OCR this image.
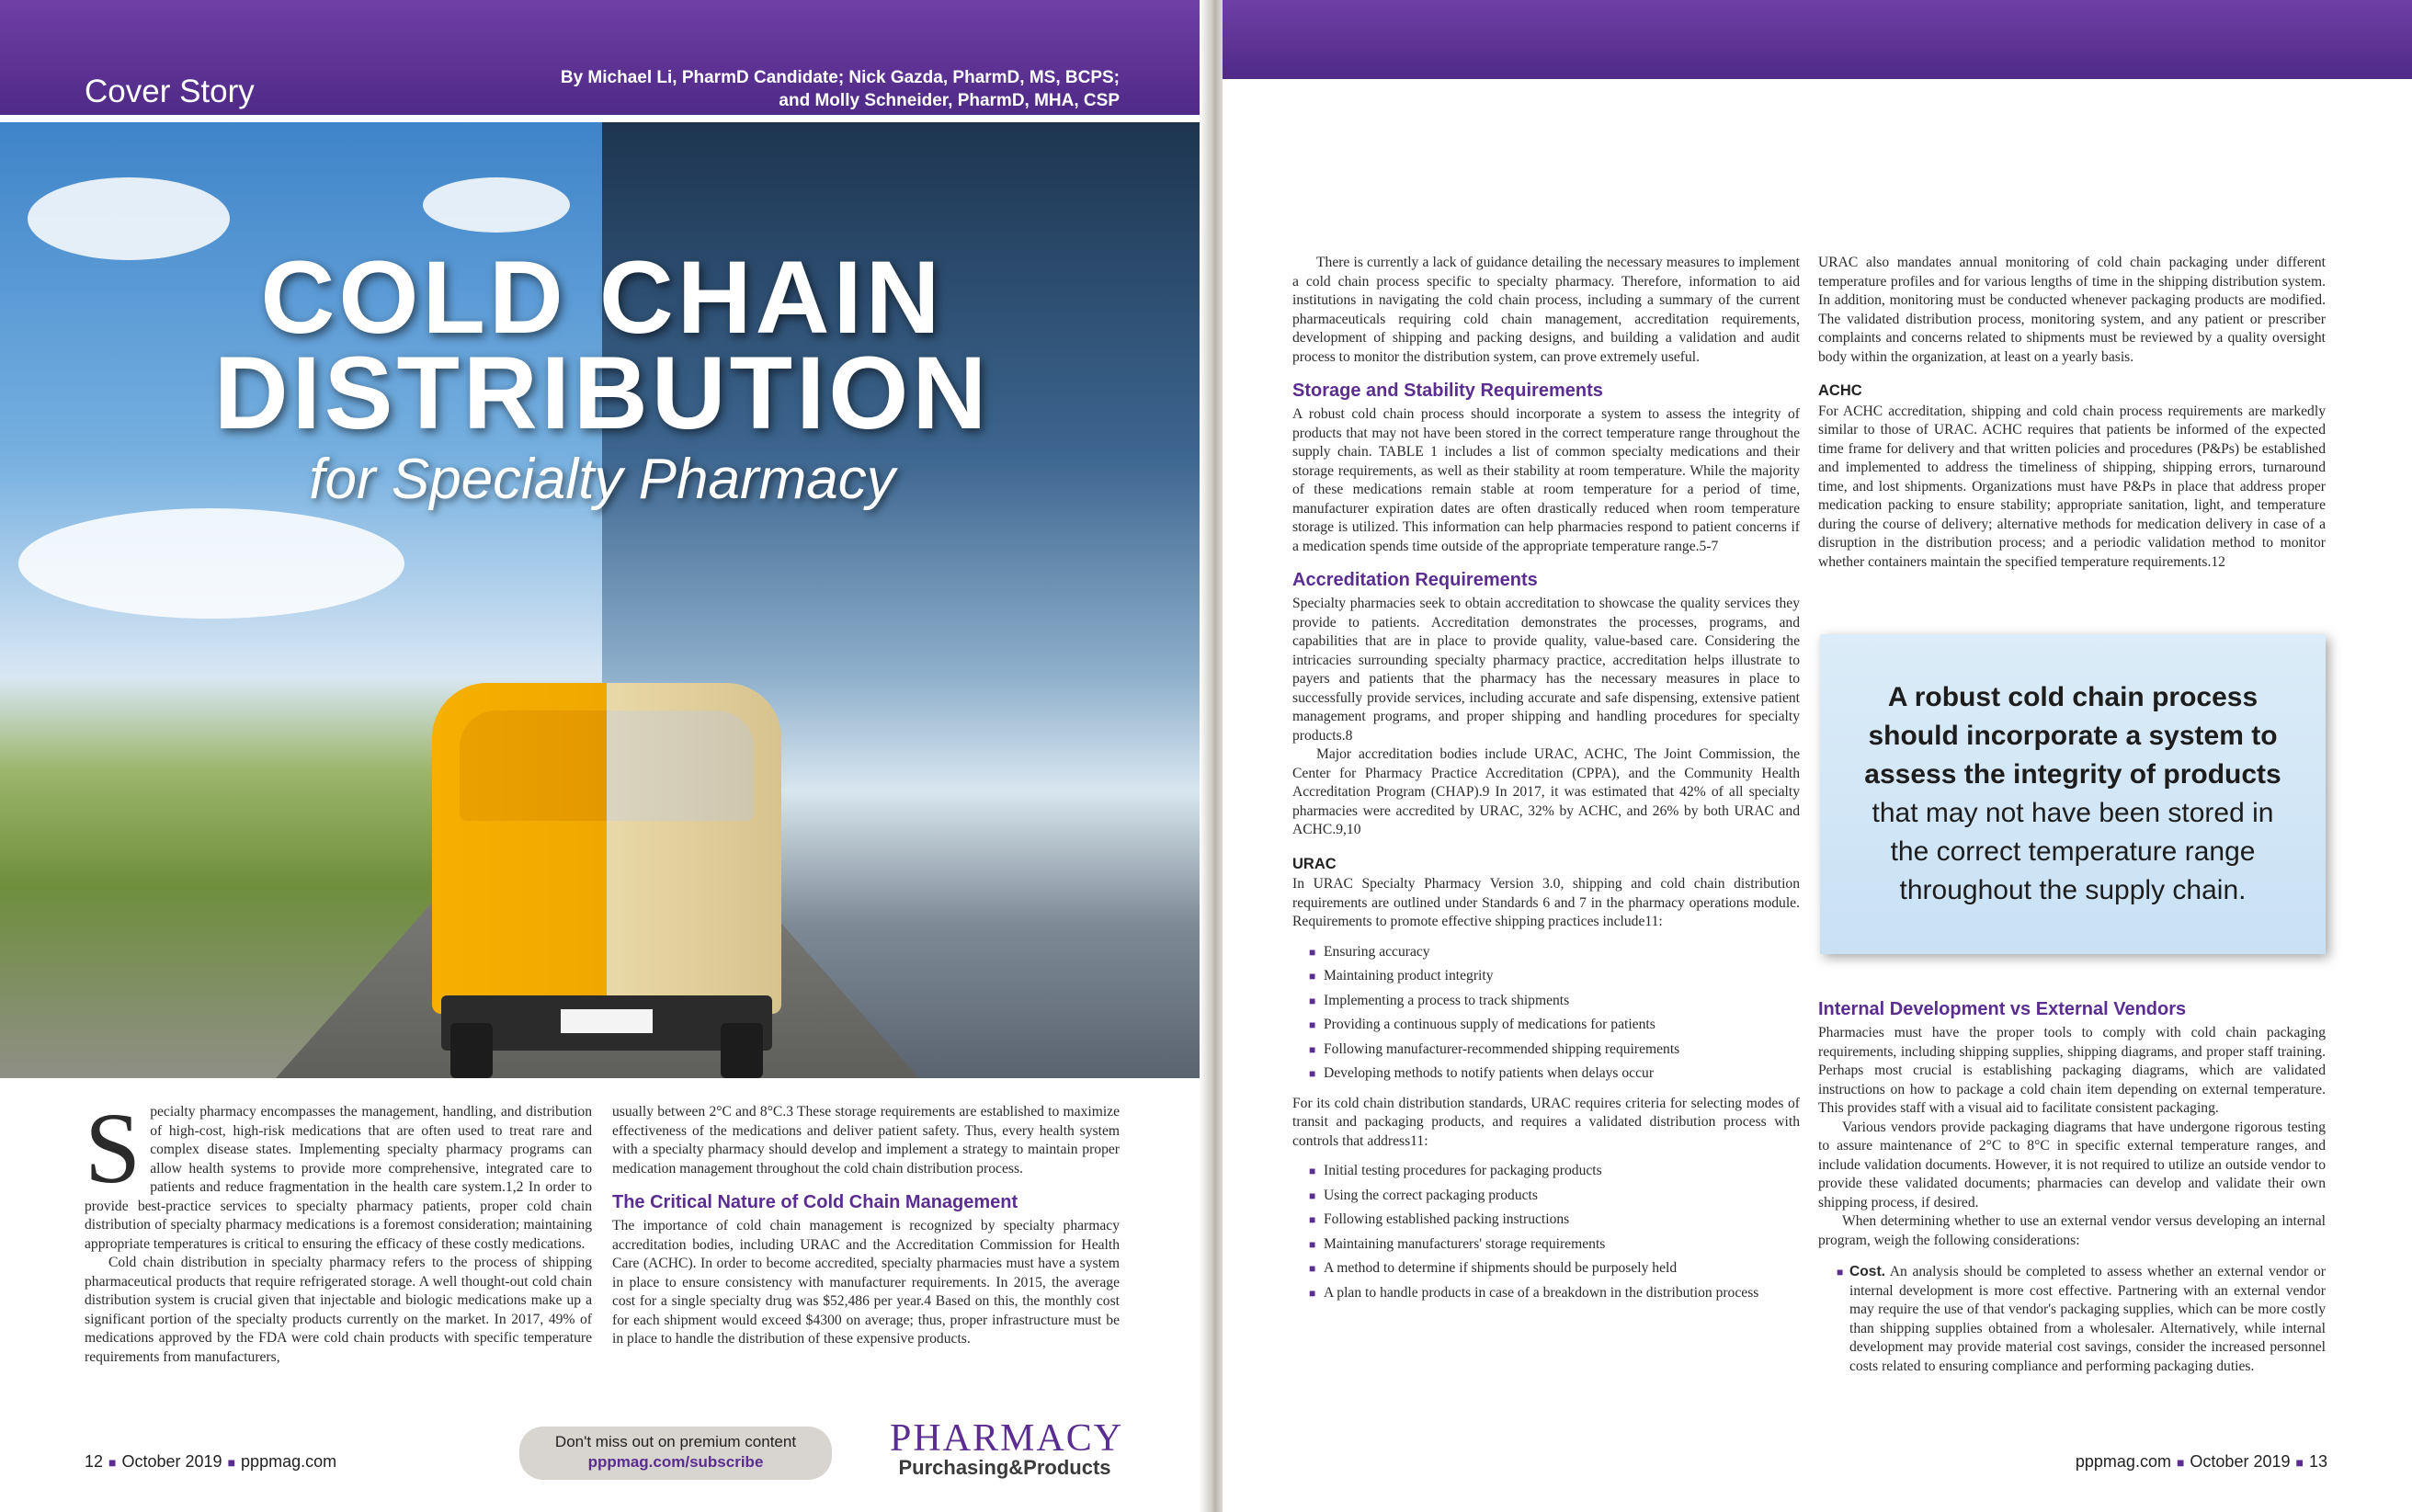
Cover Story	By Michael Li, PharmD Candidate; Nick Gazda, PharmD, MS, BCPS;
and Molly Schneider, PharmD, MHA, CSP
COLD CHAIN
DISTRIBUTION
for Specialty Pharmacy
S pecialty pharmacy encompasses the management, handling, and distribution of high-cost, high-risk medications that are often used to treat rare and complex disease states. Implementing specialty pharmacy programs can allow health systems to provide more comprehensive, integrated care to patients and reduce fragmentation in the health care system.1,2 In order to provide best-practice services to specialty pharmacy patients, proper cold chain distribution of specialty pharmacy medications is a foremost consideration; maintaining appropriate temperatures is critical to ensuring the efficacy of these costly medications.

Cold chain distribution in specialty pharmacy refers to the process of shipping pharmaceutical products that require refrigerated storage. A well thought-out cold chain distribution system is crucial given that injectable and biologic medications make up a significant portion of the specialty products currently on the market. In 2017, 49% of medications approved by the FDA were cold chain products with specific temperature requirements from manufacturers,

usually between 2°C and 8°C.3 These storage requirements are established to maximize effectiveness of the medications and deliver patient safety. Thus, every health system with a specialty pharmacy should develop and implement a strategy to maintain proper medication management throughout the cold chain distribution process.

The Critical Nature of Cold Chain Management

The importance of cold chain management is recognized by specialty pharmacy accreditation bodies, including URAC and the Accreditation Commission for Health Care (ACHC). In order to become accredited, specialty pharmacies must have a system in place to ensure consistency with manufacturer requirements. In 2015, the average cost for a single specialty drug was $52,486 per year.4 Based on this, the monthly cost for each shipment would exceed $4300 on average; thus, proper infrastructure must be in place to handle the distribution of these expensive products.

12 ■ October 2019 ■ pppmag.com
Don't miss out on premium content
pppmag.com/subscribe
PHARMACY
Purchasing&Products

There is currently a lack of guidance detailing the necessary measures to implement a cold chain process specific to specialty pharmacy. Therefore, information to aid institutions in navigating the cold chain process, including a summary of the current pharmaceuticals requiring cold chain management, accreditation requirements, development of shipping and packing designs, and building a validation and audit process to monitor the distribution system, can prove extremely useful.

Storage and Stability Requirements

A robust cold chain process should incorporate a system to assess the integrity of products that may not have been stored in the correct temperature range throughout the supply chain. TABLE 1 includes a list of common specialty medications and their storage requirements, as well as their stability at room temperature. While the majority of these medications remain stable at room temperature for a period of time, manufacturer expiration dates are often drastically reduced when room temperature storage is utilized. This information can help pharmacies respond to patient concerns if a medication spends time outside of the appropriate temperature range.5-7

Accreditation Requirements

Specialty pharmacies seek to obtain accreditation to showcase the quality services they provide to patients. Accreditation demonstrates the processes, programs, and capabilities that are in place to provide quality, value-based care. Considering the intricacies surrounding specialty pharmacy practice, accreditation helps illustrate to payers and patients that the pharmacy has the necessary measures in place to successfully provide services, including accurate and safe dispensing, extensive patient management programs, and proper shipping and handling procedures for specialty products.8

Major accreditation bodies include URAC, ACHC, The Joint Commission, the Center for Pharmacy Practice Accreditation (CPPA), and the Community Health Accreditation Program (CHAP).9 In 2017, it was estimated that 42% of all specialty pharmacies were accredited by URAC, 32% by ACHC, and 26% by both URAC and ACHC.9,10

URAC

In URAC Specialty Pharmacy Version 3.0, shipping and cold chain distribution requirements are outlined under Standards 6 and 7 in the pharmacy operations module. Requirements to promote effective shipping practices include11:

■ Ensuring accuracy
■ Maintaining product integrity
■ Implementing a process to track shipments
■ Providing a continuous supply of medications for patients
■ Following manufacturer-recommended shipping requirements
■ Developing methods to notify patients when delays occur

For its cold chain distribution standards, URAC requires criteria for selecting modes of transit and packaging products, and requires a validated distribution process with controls that address11:

■ Initial testing procedures for packaging products
■ Using the correct packaging products
■ Following established packing instructions
■ Maintaining manufacturers' storage requirements
■ A method to determine if shipments should be purposely held
■ A plan to handle products in case of a breakdown in the distribution process

URAC also mandates annual monitoring of cold chain packaging under different temperature profiles and for various lengths of time in the shipping distribution system. In addition, monitoring must be conducted whenever packaging products are modified. The validated distribution process, monitoring system, and any patient or prescriber complaints and concerns related to shipments must be reviewed by a quality oversight body within the organization, at least on a yearly basis.

ACHC

For ACHC accreditation, shipping and cold chain process requirements are markedly similar to those of URAC. ACHC requires that patients be informed of the expected time frame for delivery and that written policies and procedures (P&Ps) be established and implemented to address the timeliness of shipping, shipping errors, turnaround time, and lost shipments. Organizations must have P&Ps in place that address proper medication packing to ensure stability; appropriate sanitation, light, and temperature during the course of delivery; alternative methods for medication delivery in case of a disruption in the distribution process; and a periodic validation method to monitor whether containers maintain the specified temperature requirements.12

A robust cold chain process should incorporate a system to assess the integrity of products that may not have been stored in the correct temperature range throughout the supply chain.
Internal Development vs External Vendors

Pharmacies must have the proper tools to comply with cold chain packaging requirements, including shipping supplies, shipping diagrams, and proper staff training. Perhaps most crucial is establishing packaging diagrams, which are validated instructions on how to package a cold chain item depending on external temperature. This provides staff with a visual aid to facilitate consistent packaging.

Various vendors provide packaging diagrams that have undergone rigorous testing to assure maintenance of 2°C to 8°C in specific external temperature ranges, and include validation documents. However, it is not required to utilize an outside vendor to provide these validated documents; pharmacies can develop and validate their own shipping process, if desired.

When determining whether to use an external vendor versus developing an internal program, weigh the following considerations:

■ Cost. An analysis should be completed to assess whether an external vendor or internal development is more cost effective. Partnering with an external vendor may require the use of that vendor's packaging supplies, which can be more costly than shipping supplies obtained from a wholesaler. Alternatively, while internal development may provide material cost savings, consider the increased personnel costs related to ensuring compliance and performing packaging duties.
pppmag.com ■ October 2019 ■ 13
